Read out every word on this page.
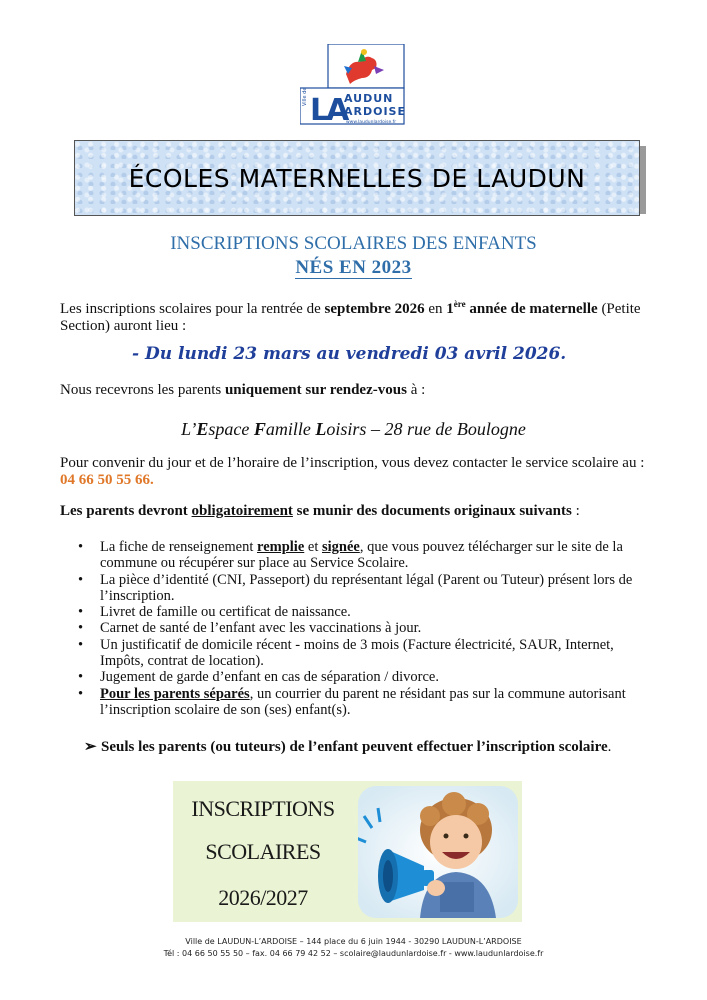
Ville de LA
AUDUN
ARDOISE
www.laudunlardoise.fr
ÉCOLES MATERNELLES DE LAUDUN
INSCRIPTIONS SCOLAIRES DES ENFANTS
NÉS EN 2023
Les inscriptions scolaires pour la rentrée de septembre 2026 en 1ère année de maternelle (Petite Section) auront lieu :
- Du lundi 23 mars au vendredi 03 avril 2026.
Nous recevrons les parents uniquement sur rendez-vous à :
L’Espace Famille Loisirs – 28 rue de Boulogne
Pour convenir du jour et de l’horaire de l’inscription, vous devez contacter le service scolaire au : 04 66 50 55 66.
Les parents devront obligatoirement se munir des documents originaux suivants :
• La fiche de renseignement remplie et signée, que vous pouvez télécharger sur le site de la commune ou récupérer sur place au Service Scolaire.
• La pièce d’identité (CNI, Passeport) du représentant légal (Parent ou Tuteur) présent lors de l’inscription.
• Livret de famille ou certificat de naissance.
• Carnet de santé de l’enfant avec les vaccinations à jour.
• Un justificatif de domicile récent - moins de 3 mois (Facture électricité, SAUR, Internet, Impôts, contrat de location).
• Jugement de garde d’enfant en cas de séparation / divorce.
• Pour les parents séparés, un courrier du parent ne résidant pas sur la commune autorisant l’inscription scolaire de son (ses) enfant(s).
➢ Seuls les parents (ou tuteurs) de l’enfant peuvent effectuer l’inscription scolaire.
INSCRIPTIONS
SCOLAIRES
2026/2027
Ville de LAUDUN-L’ARDOISE – 144 place du 6 juin 1944 - 30290 LAUDUN-L’ARDOISE
Tél : 04 66 50 55 50 – fax. 04 66 79 42 52 – scolaire@laudunlardoise.fr - www.laudunlardoise.fr
